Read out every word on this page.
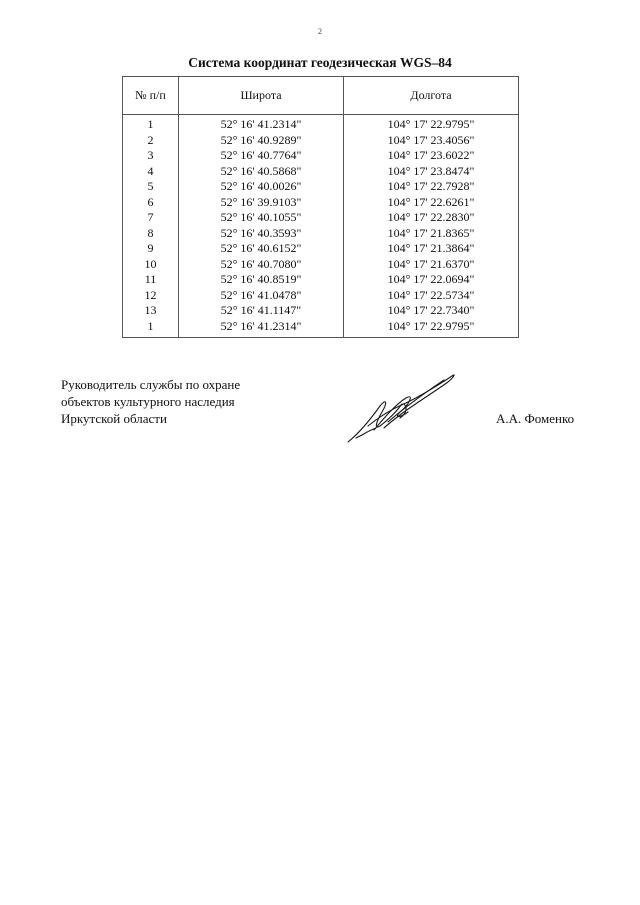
2
Система координат геодезическая WGS–84
№ п/п	Широта	Долгота
1	52° 16' 41.2314"	104° 17' 22.9795"
2	52° 16' 40.9289"	104° 17' 23.4056"
3	52° 16' 40.7764"	104° 17' 23.6022"
4	52° 16' 40.5868"	104° 17' 23.8474"
5	52° 16' 40.0026"	104° 17' 22.7928"
6	52° 16' 39.9103"	104° 17' 22.6261"
7	52° 16' 40.1055"	104° 17' 22.2830"
8	52° 16' 40.3593"	104° 17' 21.8365"
9	52° 16' 40.6152"	104° 17' 21.3864"
10	52° 16' 40.7080"	104° 17' 21.6370"
11	52° 16' 40.8519"	104° 17' 22.0694"
12	52° 16' 41.0478"	104° 17' 22.5734"
13	52° 16' 41.1147"	104° 17' 22.7340"
1	52° 16' 41.2314"	104° 17' 22.9795"
Руководитель службы по охране
объектов культурного наследия
Иркутской области	А.А. Фоменко
